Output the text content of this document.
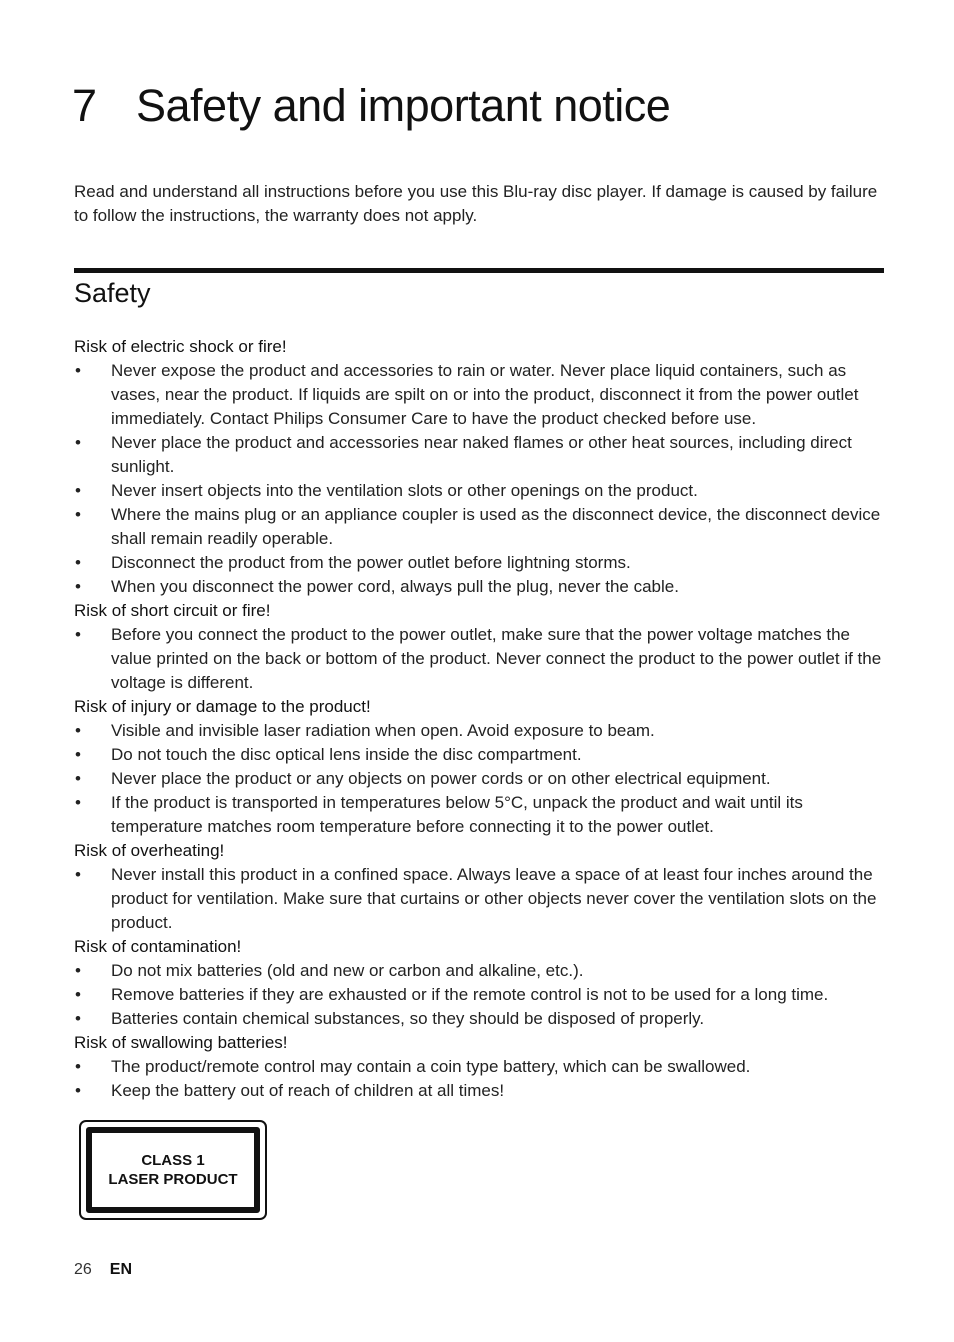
7 Safety and important notice

Read and understand all instructions before you use this Blu-ray disc player. If damage is caused by failure to follow the instructions, the warranty does not apply.

Safety

Risk of electric shock or fire!

• Never expose the product and accessories to rain or water. Never place liquid containers, such as vases, near the product. If liquids are spilt on or into the product, disconnect it from the power outlet immediately. Contact Philips Consumer Care to have the product checked before use.
• Never place the product and accessories near naked flames or other heat sources, including direct sunlight.
• Never insert objects into the ventilation slots or other openings on the product.
• Where the mains plug or an appliance coupler is used as the disconnect device, the disconnect device shall remain readily operable.
• Disconnect the product from the power outlet before lightning storms.
• When you disconnect the power cord, always pull the plug, never the cable.

Risk of short circuit or fire!

• Before you connect the product to the power outlet, make sure that the power voltage matches the value printed on the back or bottom of the product. Never connect the product to the power outlet if the voltage is different.

Risk of injury or damage to the product!

• Visible and invisible laser radiation when open. Avoid exposure to beam.
• Do not touch the disc optical lens inside the disc compartment.
• Never place the product or any objects on power cords or on other electrical equipment.
• If the product is transported in temperatures below 5°C, unpack the product and wait until its temperature matches room temperature before connecting it to the power outlet.

Risk of overheating!

• Never install this product in a confined space. Always leave a space of at least four inches around the product for ventilation. Make sure that curtains or other objects never cover the ventilation slots on the product.

Risk of contamination!

• Do not mix batteries (old and new or carbon and alkaline, etc.).
• Remove batteries if they are exhausted or if the remote control is not to be used for a long time.
• Batteries contain chemical substances, so they should be disposed of properly.

Risk of swallowing batteries!

• The product/remote control may contain a coin type battery, which can be swallowed.
• Keep the battery out of reach of children at all times!
CLASS 1
LASER PRODUCT
26 EN
